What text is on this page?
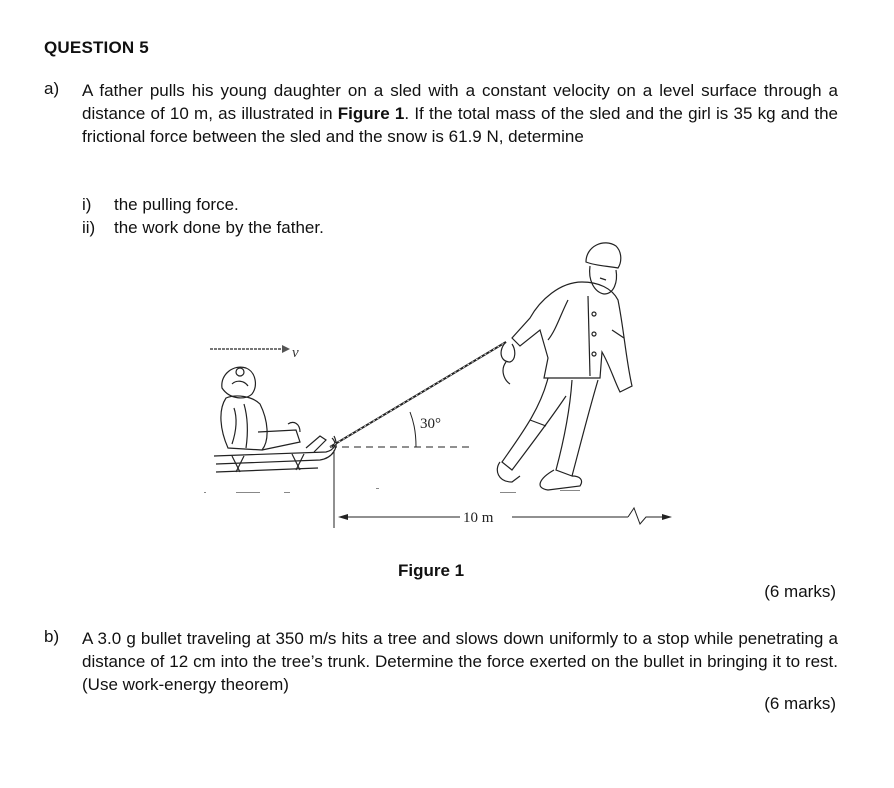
QUESTION 5
a) A father pulls his young daughter on a sled with a constant velocity on a level surface through a distance of 10 m, as illustrated in Figure 1. If the total mass of the sled and the girl is 35 kg and the frictional force between the sled and the snow is 61.9 N, determine
i) the pulling force.
ii) the work done by the father.
v
30°
10 m
Figure 1
(6 marks)
b) A 3.0 g bullet traveling at 350 m/s hits a tree and slows down uniformly to a stop while penetrating a distance of 12 cm into the tree’s trunk. Determine the force exerted on the bullet in bringing it to rest. (Use work-energy theorem)
(6 marks)
